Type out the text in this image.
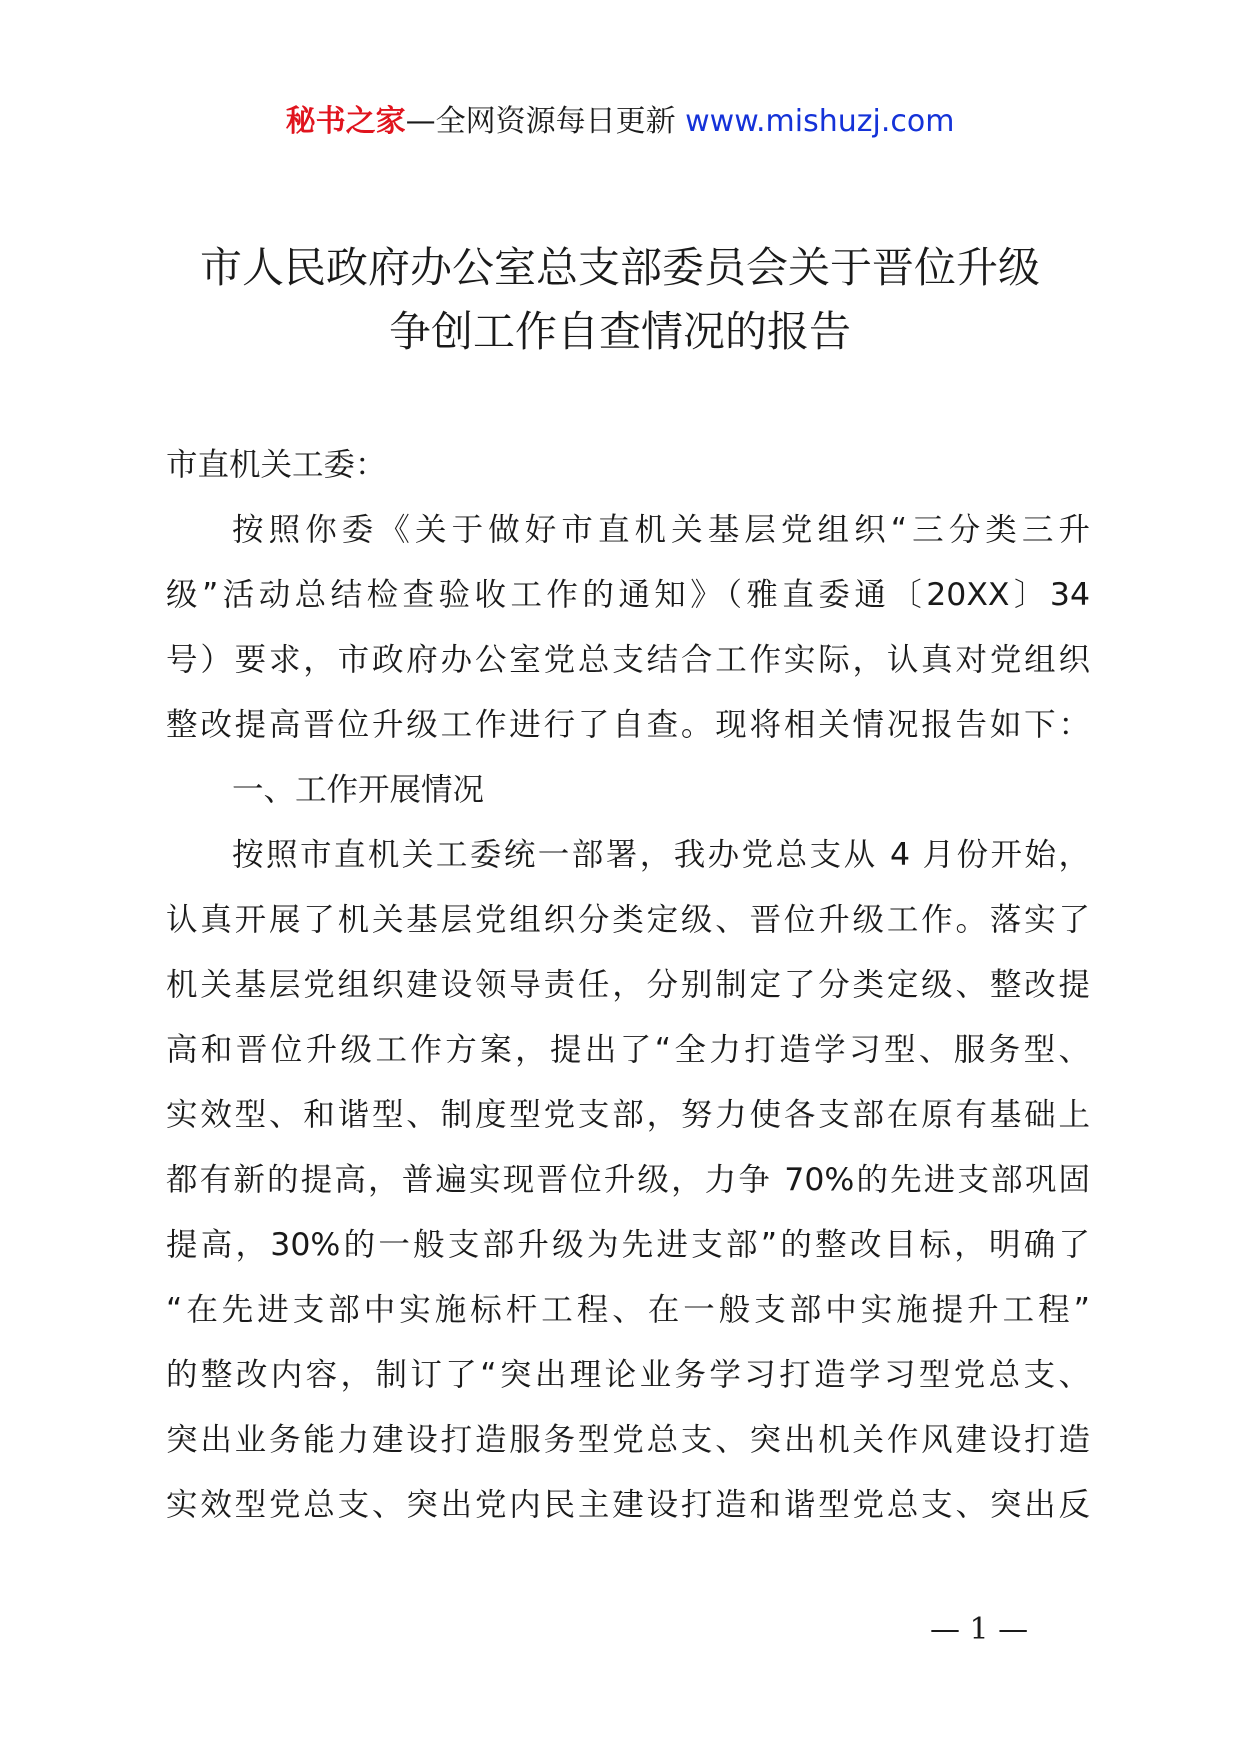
秘书之家—全网资源每日更新 www.mishuzj.com
市人民政府办公室总支部委员会关于晋位升级
争创工作自查情况的报告
市直机关工委：
按照你委《关于做好市直机关基层党组织“三分类三升
级”活动总结检查验收工作的通知》（雅直委通〔20XX〕34
号）要求，市政府办公室党总支结合工作实际，认真对党组织
整改提高晋位升级工作进行了自查。现将相关情况报告如下：
一、工作开展情况
按照市直机关工委统一部署，我办党总支从 4 月份开始，
认真开展了机关基层党组织分类定级、晋位升级工作。落实了
机关基层党组织建设领导责任，分别制定了分类定级、整改提
高和晋位升级工作方案，提出了“全力打造学习型、服务型、
实效型、和谐型、制度型党支部，努力使各支部在原有基础上
都有新的提高，普遍实现晋位升级，力争 70%的先进支部巩固
提高，30%的一般支部升级为先进支部”的整改目标，明确了
“在先进支部中实施标杆工程、在一般支部中实施提升工程”
的整改内容，制订了“突出理论业务学习打造学习型党总支、
突出业务能力建设打造服务型党总支、突出机关作风建设打造
实效型党总支、突出党内民主建设打造和谐型党总支、突出反
— 1 —
